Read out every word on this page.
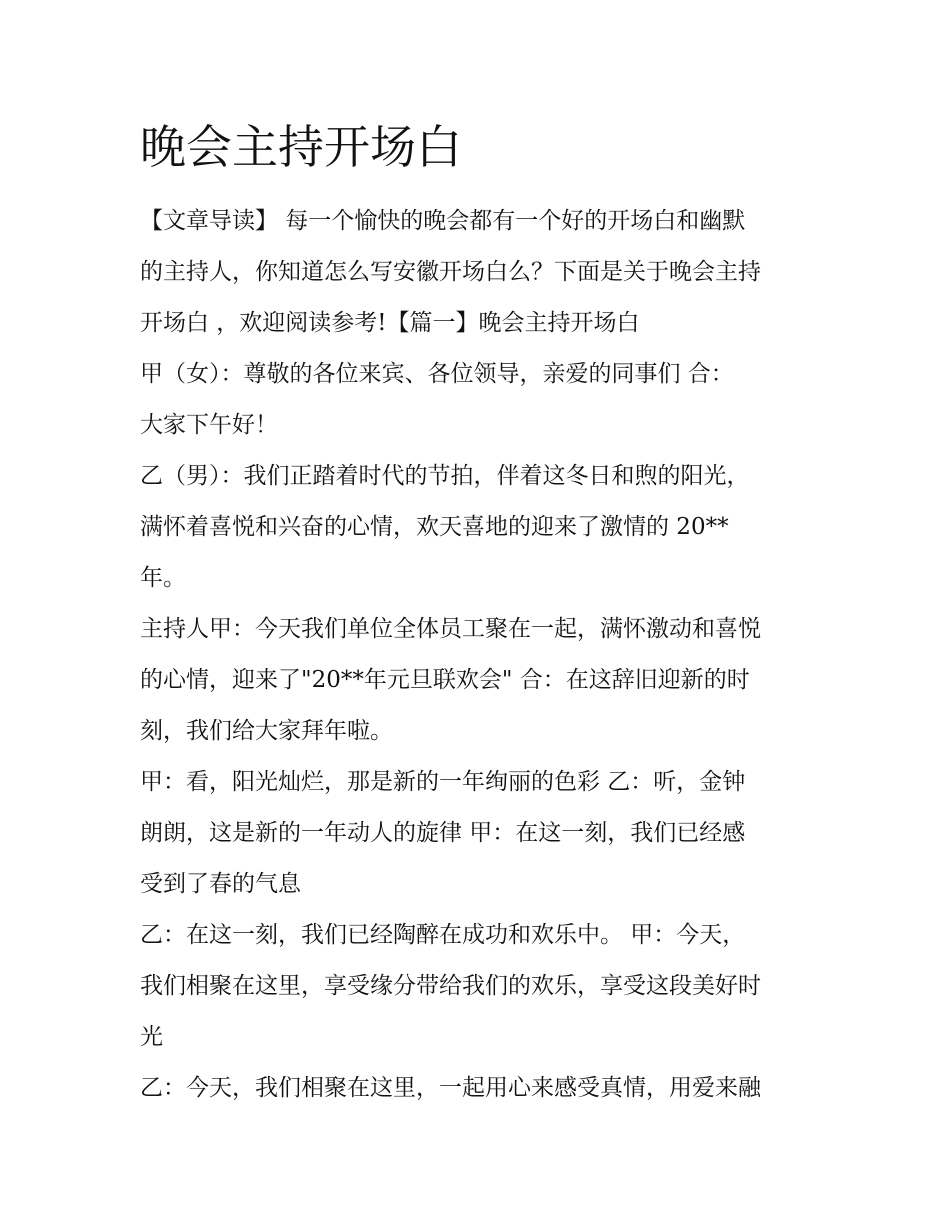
晚会主持开场白
【文章导读】 每一个愉快的晚会都有一个好的开场白和幽默
的主持人，你知道怎么写安徽开场白么？下面是关于晚会主持
开场白 ，欢迎阅读参考!【篇一】晚会主持开场白
甲（女）：尊敬的各位来宾、各位领导，亲爱的同事们 合：
大家下午好！
乙（男）：我们正踏着时代的节拍，伴着这冬日和煦的阳光，
满怀着喜悦和兴奋的心情，欢天喜地的迎来了激情的 20**
年。
主持人甲：今天我们单位全体员工聚在一起，满怀激动和喜悦
的心情，迎来了"20**年元旦联欢会" 合：在这辞旧迎新的时
刻，我们给大家拜年啦。
甲：看，阳光灿烂，那是新的一年绚丽的色彩 乙：听，金钟
朗朗，这是新的一年动人的旋律 甲：在这一刻，我们已经感
受到了春的气息
乙：在这一刻，我们已经陶醉在成功和欢乐中。 甲：今天，
我们相聚在这里，享受缘分带给我们的欢乐，享受这段美好时
光
乙：今天，我们相聚在这里，一起用心来感受真情，用爱来融
